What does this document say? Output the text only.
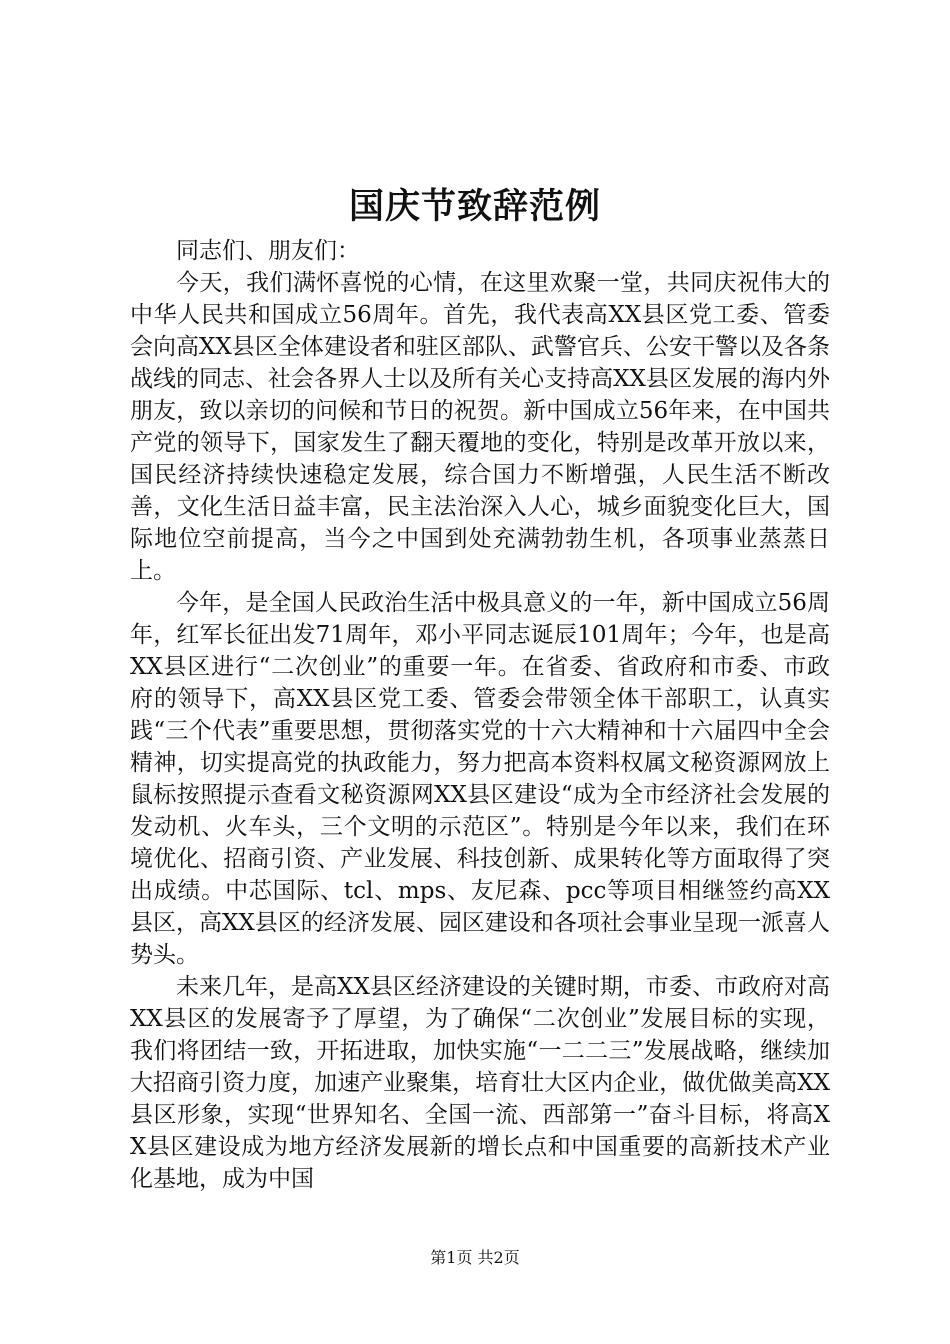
国庆节致辞范例

同志们、朋友们：

今天，我们满怀喜悦的心情，在这里欢聚一堂，共同庆祝伟大的中华人民共和国成立56周年。首先，我代表高XX县区党工委、管委会向高XX县区全体建设者和驻区部队、武警官兵、公安干警以及各条战线的同志、社会各界人士以及所有关心支持高XX县区发展的海内外朋友，致以亲切的问候和节日的祝贺。新中国成立56年来，在中国共产党的领导下，国家发生了翻天覆地的变化，特别是改革开放以来，国民经济持续快速稳定发展，综合国力不断增强，人民生活不断改善，文化生活日益丰富，民主法治深入人心，城乡面貌变化巨大，国际地位空前提高，当今之中国到处充满勃勃生机，各项事业蒸蒸日上。

今年，是全国人民政治生活中极具意义的一年，新中国成立56周年，红军长征出发71周年，邓小平同志诞辰101周年；今年，也是高XX县区进行“二次创业”的重要一年。在省委、省政府和市委、市政府的领导下，高XX县区党工委、管委会带领全体干部职工，认真实践“三个代表”重要思想，贯彻落实党的十六大精神和十六届四中全会精神，切实提高党的执政能力，努力把高本资料权属文秘资源网放上鼠标按照提示查看文秘资源网XX县区建设“成为全市经济社会发展的发动机、火车头，三个文明的示范区”。特别是今年以来，我们在环境优化、招商引资、产业发展、科技创新、成果转化等方面取得了突出成绩。中芯国际、tcl、mps、友尼森、pcc等项目相继签约高XX县区，高XX县区的经济发展、园区建设和各项社会事业呈现一派喜人势头。

未来几年，是高XX县区经济建设的关键时期，市委、市政府对高XX县区的发展寄予了厚望，为了确保“二次创业”发展目标的实现，我们将团结一致，开拓进取，加快实施“一二二三”发展战略，继续加大招商引资力度，加速产业聚集，培育壮大区内企业，做优做美高XX县区形象，实现“世界知名、全国一流、西部第一”奋斗目标，将高XX县区建设成为地方经济发展新的增长点和中国重要的高新技术产业化基地，成为中国

第1页 共2页
